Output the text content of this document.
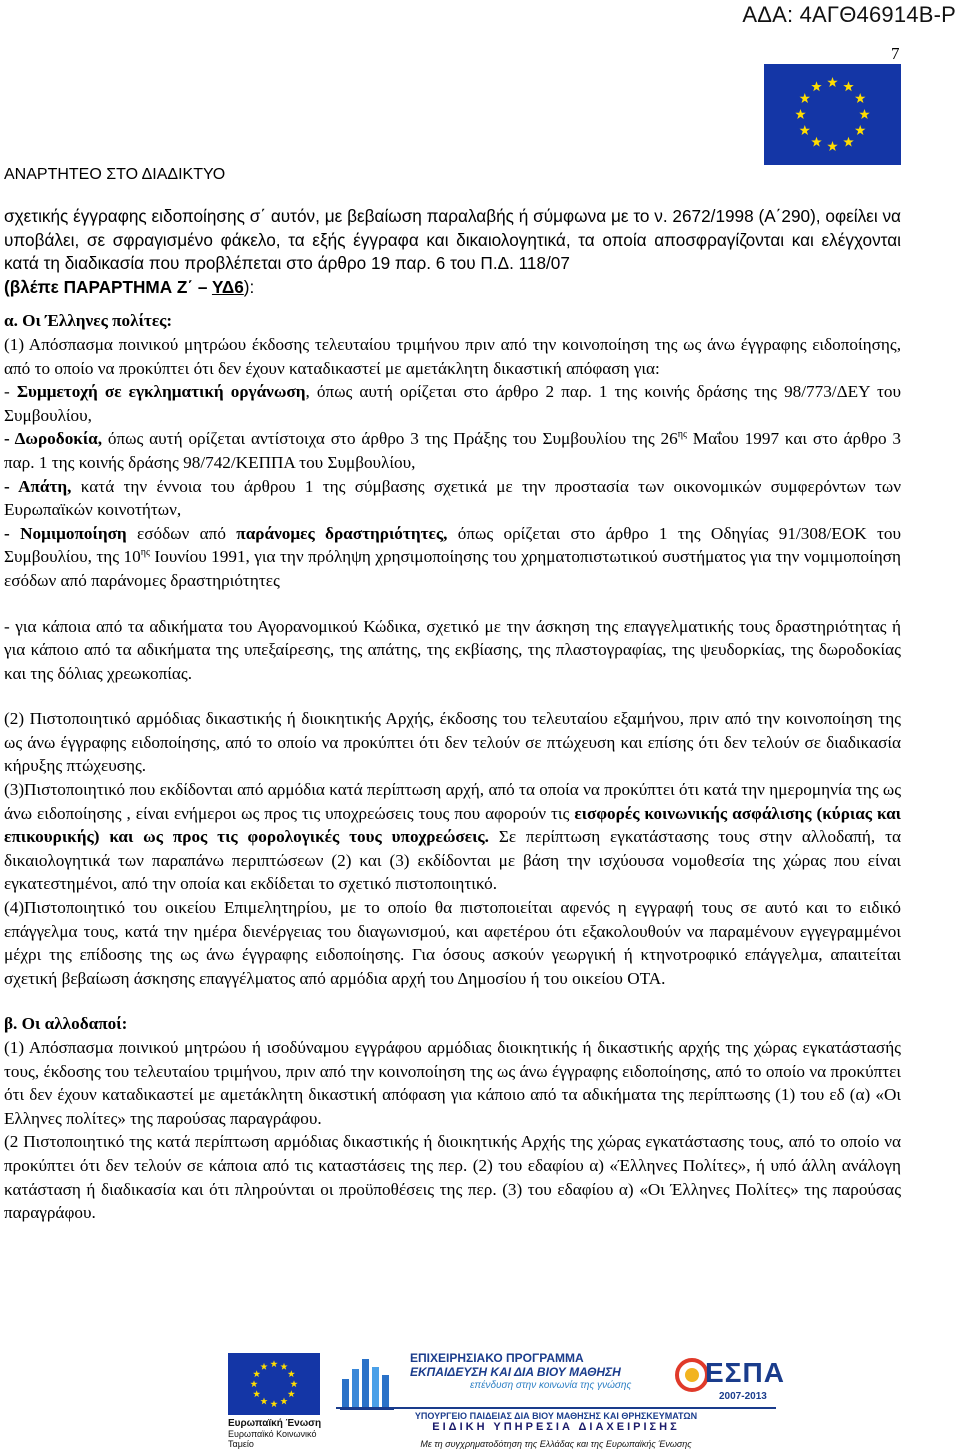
ΑΔΑ: 4ΑΓΘ46914Β-Ρ
7
ΑΝΑΡΤΗΤΕΟ ΣΤΟ ΔΙΑΔΙΚΤΥΟ

σχετικής έγγραφης ειδοποίησης σ΄ αυτόν, με βεβαίωση παραλαβής ή σύμφωνα με το ν. 2672/1998 (Α΄290), οφείλει να υποβάλει, σε σφραγισμένο φάκελο, τα εξής έγγραφα και δικαιολογητικά, τα οποία αποσφραγίζονται και ελέγχονται κατά τη διαδικασία που προβλέπεται στο άρθρο 19 παρ. 6 του Π.Δ. 118/07
(βλέπε ΠΑΡΑΡΤΗΜΑ Ζ΄ – ΥΔ6):

α. Οι Έλληνες πολίτες:

(1) Απόσπασμα ποινικού μητρώου έκδοσης τελευταίου τριμήνου πριν από την κοινοποίηση της ως άνω έγγραφης ειδοποίησης, από το οποίο να προκύπτει ότι δεν έχουν καταδικαστεί με αμετάκλητη δικαστική απόφαση για:

- Συμμετοχή σε εγκληματική οργάνωση, όπως αυτή ορίζεται στο άρθρο 2 παρ. 1 της κοινής δράσης της 98/773/ΔΕΥ του Συμβουλίου,

- Δωροδοκία, όπως αυτή ορίζεται αντίστοιχα στο άρθρο 3 της Πράξης του Συμβουλίου της $26^{\eta\varsigma}$ Μαΐου 1997 και στο άρθρο 3 παρ. 1 της κοινής δράσης 98/742/ΚΕΠΠΑ του Συμβουλίου,

- Απάτη, κατά την έννοια του άρθρου 1 της σύμβασης σχετικά με την προστασία των οικονομικών συμφερόντων των Ευρωπαϊκών κοινοτήτων,

- Νομιμοποίηση εσόδων από παράνομες δραστηριότητες, όπως ορίζεται στο άρθρο 1 της Οδηγίας 91/308/ΕΟΚ του Συμβουλίου, της $10^{\eta\varsigma}$ Ιουνίου 1991, για την πρόληψη χρησιμοποίησης του χρηματοπιστωτικού συστήματος για την νομιμοποίηση εσόδων από παράνομες δραστηριότητες

- για κάποια από τα αδικήματα του Αγορανομικού Κώδικα, σχετικό με την άσκηση της επαγγελματικής τους δραστηριότητας ή για κάποιο από τα αδικήματα της υπεξαίρεσης, της απάτης, της εκβίασης, της πλαστογραφίας, της ψευδορκίας, της δωροδοκίας και της δόλιας χρεωκοπίας.

(2) Πιστοποιητικό αρμόδιας δικαστικής ή διοικητικής Αρχής, έκδοσης του τελευταίου εξαμήνου, πριν από την κοινοποίηση της ως άνω έγγραφης ειδοποίησης, από το οποίο να προκύπτει ότι δεν τελούν σε πτώχευση και επίσης ότι δεν τελούν σε διαδικασία κήρυξης πτώχευσης.

(3)Πιστοποιητικό που εκδίδονται από αρμόδια κατά περίπτωση αρχή, από τα οποία να προκύπτει ότι κατά την ημερομηνία της ως άνω ειδοποίησης , είναι ενήμεροι ως προς τις υποχρεώσεις τους που αφορούν τις εισφορές κοινωνικής ασφάλισης (κύριας και επικουρικής) και ως προς τις φορολογικές τους υποχρεώσεις. Σε περίπτωση εγκατάστασης τους στην αλλοδαπή, τα δικαιολογητικά των παραπάνω περιπτώσεων (2) και (3) εκδίδονται με βάση την ισχύουσα νομοθεσία της χώρας που είναι εγκατεστημένοι, από την οποία και εκδίδεται το σχετικό πιστοποιητικό.

(4)Πιστοποιητικό του οικείου Επιμελητηρίου, με το οποίο θα πιστοποιείται αφενός η εγγραφή τους σε αυτό και το ειδικό επάγγελμα τους, κατά την ημέρα διενέργειας του διαγωνισμού, και αφετέρου ότι εξακολουθούν να παραμένουν εγγεγραμμένοι μέχρι της επίδοσης της ως άνω έγγραφης ειδοποίησης. Για όσους ασκούν γεωργική ή κτηνοτροφικό επάγγελμα, απαιτείται σχετική βεβαίωση άσκησης επαγγέλματος από αρμόδια αρχή του Δημοσίου ή του οικείου ΟΤΑ.

β. Οι αλλοδαποί:

(1) Απόσπασμα ποινικού μητρώου ή ισοδύναμου εγγράφου αρμόδιας διοικητικής ή δικαστικής αρχής της χώρας εγκατάστασής τους, έκδοσης του τελευταίου τριμήνου, πριν από την κοινοποίηση της ως άνω έγγραφης ειδοποίησης, από το οποίο να προκύπτει ότι δεν έχουν καταδικαστεί με αμετάκλητη δικαστική απόφαση για κάποιο από τα αδικήματα της περίπτωσης (1) του εδ (α) «Οι Ελληνες πολίτες» της παρούσας παραγράφου.

(2 Πιστοποιητικό της κατά περίπτωση αρμόδιας δικαστικής ή διοικητικής Αρχής της χώρας εγκατάστασης τους, από το οποίο να προκύπτει ότι δεν τελούν σε κάποια από τις καταστάσεις της περ. (2) του εδαφίου α) «Έλληνες Πολίτες», ή υπό άλλη ανάλογη κατάσταση ή διαδικασία και ότι πληρούνται οι προϋποθέσεις της περ. (3) του εδαφίου α) «Οι Έλληνες Πολίτες» της παρούσας παραγράφου.

Ευρωπαϊκή Ένωση
Ευρωπαϊκό Κοινωνικό Ταμείο
ΕΠΙΧΕΙΡΗΣΙΑΚΟ ΠΡΟΓΡΑΜΜΑ
ΕΚΠΑΙΔΕΥΣΗ ΚΑΙ ΔΙΑ ΒΙΟΥ ΜΑΘΗΣΗ
επένδυση στην κοινωνία της γνώσης	ΕΣΠΑ
2007-2013
ΥΠΟΥΡΓΕΙΟ ΠΑΙΔΕΙΑΣ ΔΙΑ ΒΙΟΥ ΜΑΘΗΣΗΣ ΚΑΙ ΘΡΗΣΚΕΥΜΑΤΩΝ
ΕΙΔΙΚΗ ΥΠΗΡΕΣΙΑ ΔΙΑΧΕΙΡΙΣΗΣ
Με τη συγχρηματοδότηση της Ελλάδας και της Ευρωπαϊκής Ένωσης
